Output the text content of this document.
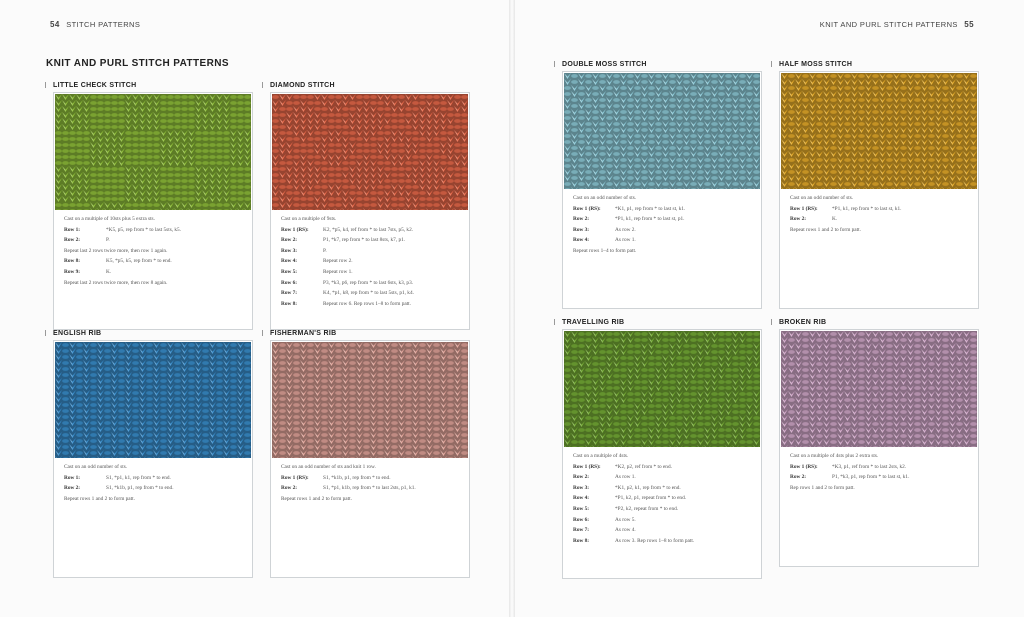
54 STITCH PATTERNS
KNIT AND PURL STITCH PATTERNS
KNIT AND PURL STITCH PATTERNS 55
LITTLE CHECK STITCH
Cast on a multiple of 10sts plus 5 extra sts.
Row 1:	*K5, p5, rep from * to last 5sts, k5.
Row 2:	P.
Repeat last 2 rows twice more, then row 1 again.
Row 8:	K5, *p5, k5, rep from * to end.
Row 9:	K.
Repeat last 2 rows twice more, then row 8 again.
DIAMOND STITCH
Cast on a multiple of 9sts.
Row 1 (RS):	K2, *p5, k4, ref from * to last 7sts, p5, k2.
Row 2:	P1, *k7, rep from * to last 8sts, k7, p1.
Row 3:	P.
Row 4:	Repeat row 2.
Row 5:	Repeat row 1.
Row 6:	P3, *k3, p6, rep from * to last 6sts, k3, p3.
Row 7:	K4, *p1, k8, rep from * to last 5sts, p1, k4.
Row 8:	Repeat row 6. Rep rows 1–8 to form patt.
DOUBLE MOSS STITCH
Cast on an odd number of sts.
Row 1 (RS):	*K1, p1, rep from * to last st, k1.
Row 2:	*P1, k1, rep from * to last st, p1.
Row 3:	As row 2.
Row 4:	As row 1.
Repeat rows 1–4 to form patt.
HALF MOSS STITCH
Cast on an odd number of sts.
Row 1 (RS):	*P1, k1, rep from * to last st, k1.
Row 2:	K.
Repeat rows 1 and 2 to form patt.
ENGLISH RIB
Cast on an odd number of sts.
Row 1:	S1, *p1, k1, rep from * to end.
Row 2:	S1, *k1b, p1, rep from * to end.
Repeat rows 1 and 2 to form patt.
FISHERMAN'S RIB
Cast on an odd number of sts and knit 1 row.
Row 1 (RS):	S1, *k1b, p1, rep from * to end.
Row 2:	S1, *p1, k1b, rep from * to last 2sts, p1, k1.
Repeat rows 1 and 2 to form patt.
TRAVELLING RIB
Cast on a multiple of 4sts.
Row 1 (RS):	*K2, p2, ref from * to end.
Row 2:	As row 1.
Row 3:	*K1, p2, k1, rep from * to end.
Row 4:	*P1, k2, p1, repeat from * to end.
Row 5:	*P2, k2, repeat from * to end.
Row 6:	As row 5.
Row 7:	As row 4.
Row 8:	As row 3. Rep rows 1–8 to form patt.
BROKEN RIB
Cast on a multiple of 4sts plus 2 extra sts.
Row 1 (RS):	*K3, p1, ref from * to last 2sts, k2.
Row 2:	P1, *k3, p1, rep from * to last st, k1.
Rep rows 1 and 2 to form patt.
